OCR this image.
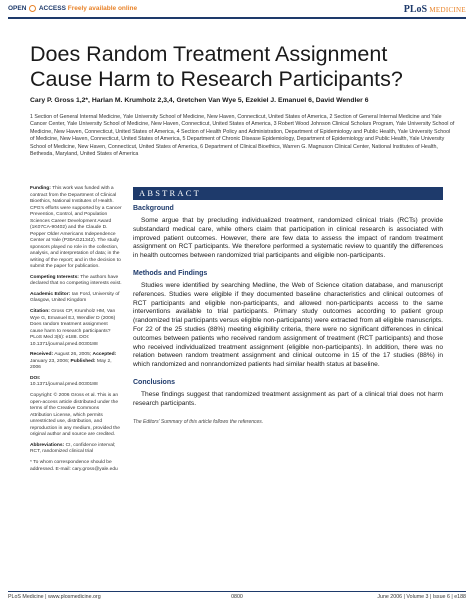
OPEN ACCESS Freely available online	PLoS MEDICINE
Does Random Treatment Assignment Cause Harm to Research Participants?
Cary P. Gross 1,2*, Harlan M. Krumholz 2,3,4, Gretchen Van Wye 5, Ezekiel J. Emanuel 6, David Wendler 6
1 Section of General Internal Medicine, Yale University School of Medicine, New Haven, Connecticut, United States of America, 2 Section of General Internal Medicine and Yale Cancer Center, Yale University School of Medicine, New Haven, Connecticut, United States of America, 3 Robert Wood Johnson Clinical Scholars Program, Yale University School of Medicine, New Haven, Connecticut, United States of America, 4 Section of Health Policy and Administration, Department of Epidemiology and Public Health, Yale University School of Medicine, New Haven, Connecticut, United States of America, 5 Department of Chronic Disease Epidemiology, Department of Epidemiology and Public Health, Yale University School of Medicine, New Haven, Connecticut, United States of America, 6 Department of Clinical Bioethics, Warren G. Magnuson Clinical Center, National Institutes of Health, Bethesda, Maryland, United States of America

Funding: This work was funded with a contract from the Department of Clinical Bioethics, National Institutes of Health. CPG's efforts were supported by a Cancer Prevention, Control, and Population Sciences Career Development Award (1K07CA-90402) and the Claude D. Pepper Older Americans Independence Center at Yale (P30AG21342). The study sponsors played no role in the collection, analysis, and interpretation of data; in the writing of the report; and in the decision to submit the paper for publication.

Competing Interests: The authors have declared that no competing interests exist.

Academic Editor: Ian Ford, University of Glasgow, United Kingdom

Citation: Gross CP, Krumholz HM, Van Wye G, Emanuel EJ, Wendler D (2006) Does random treatment assignment cause harm to research participants? PLoS Med 3(6): e188. DOI: 10.1371/journal.pmed.0030188

Received: August 26, 2005; Accepted: January 23, 2006; Published: May 2, 2006

DOI:
10.1371/journal.pmed.0030188

Copyright: © 2006 Gross et al. This is an open-access article distributed under the terms of the Creative Commons Attribution License, which permits unrestricted use, distribution, and reproduction in any medium, provided the original author and source are credited.

Abbreviations: CI, confidence interval; RCT, randomized clinical trial

* To whom correspondence should be addressed. E-mail: cary.gross@yale.edu

ABSTRACT
Background

Some argue that by precluding individualized treatment, randomized clinical trials (RCTs) provide substandard medical care, while others claim that participation in clinical research is associated with improved patient outcomes. However, there are few data to assess the impact of random treatment assignment on RCT participants. We therefore performed a systematic review to quantify the differences in health outcomes between randomized trial participants and eligible non-participants.

Methods and Findings

Studies were identified by searching Medline, the Web of Science citation database, and manuscript references. Studies were eligible if they documented baseline characteristics and clinical outcomes of RCT participants and eligible non-participants, and allowed non-participants access to the same interventions available to trial participants. Primary study outcomes according to patient group (randomized trial participants versus eligible non-participants) were extracted from all eligible manuscripts. For 22 of the 25 studies (88%) meeting eligibility criteria, there were no significant differences in clinical outcomes between patients who received random assignment of treatment (RCT participants) and those who received individualized treatment assignment (eligible non-participants). In addition, there was no relation between random treatment assignment and clinical outcome in 15 of the 17 studies (88%) in which randomized and nonrandomized patients had similar health status at baseline.

Conclusions

These findings suggest that randomized treatment assignment as part of a clinical trial does not harm research participants.

The Editors' Summary of this article follows the references.

PLoS Medicine | www.plosmedicine.org	0800	June 2006 | Volume 3 | Issue 6 | e188
